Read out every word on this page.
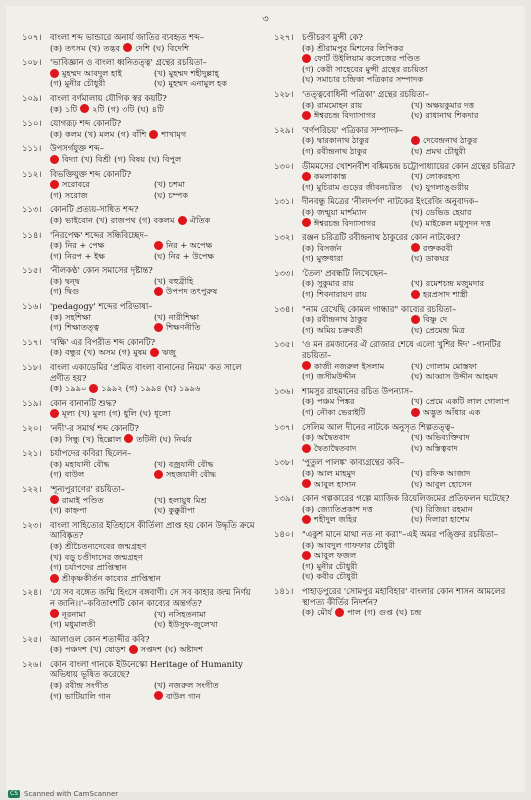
৩
১০৭।	বাংলা শব্দ ভান্ডারে অনার্য জাতির ব্যবহৃত শব্দ–
(ক) তৎসম (খ) তদ্ভব দেশি (ঘ) বিদেশি
১০৮।	'ভাবিজ্ঞান ও বাংলা ধ্বনিতত্ত্ব' গ্রন্থের রচয়িতা–
মুহম্মদ আবদুল হাই	(খ) মুহম্মদ শহীদুল্লাহ্
(গ) মুনীর চৌধুরী	(ঘ) মুহম্মদ এনামুল হক
১০৯।	বাংলা বর্ণমালায় যৌগিক স্বর কয়টি?
(ক) ১টি ২টি (গ) ৩টি (ঘ) ৪টি
১১০।	যোগরূঢ় শব্দ কোনটি?
(ক) কলম (খ) মলম (গ) বাঁশি শাখামৃগ
১১১।	উপসর্গযুক্ত শব্দ–
বিদ্যা (খ) বিশ্রী (গ) বিষয় (ঘ) বিপুল
১১২।	বিভক্তিযুক্ত শব্দ কোনটি?
সরোবরে	(খ) চশমা
(গ) সরোজ	(ঘ) চম্পক
১১৩।	কোনটি প্রত্যয়-সাধিত শব্দ?
(ক) ভাইবোন (খ) রাজপথ (গ) বকলম ঐতিক
১১৪।	'নিরপেক্ষ' শব্দের সন্ধিবিচ্ছেদ–
(ক) নির + পেক্ষ	নির + অপেক্ষ
(গ) নিরপ + ইক্ষ	(ঘ) নির + উপেক্ষ
১১৫।	'নীলকণ্ঠ' কোন সমাসের দৃষ্টান্ত?
(ক) দ্বন্দ্ব	(খ) বহুব্রীহি
(গ) দ্বিগু	উপপদ তৎপুরুষ
১১৬।	'pedagogy' শব্দের পরিভাষা–
(ক) সহশিক্ষা	(খ) নারীশিক্ষা
(গ) শিক্ষাতত্ত্ব	শিক্ষণনীতি
১১৭।	'বক্ষি' এর বিপরীত শব্দ কোনটি?
(ক) বন্ধুর (খ) অসম (গ) মুষম ঋজু
১১৮।	বাংলা একাডেমির 'প্রমিত বাংলা বানানের নিয়ম' কত সালে প্রণীত হয়?
(ক) ১৯৯০ ১৯৯২ (গ) ১৯৯৪ (ঘ) ১৯৯৬
১১৯।	কোন বানানটি শুদ্ধ?
মূল্য (খ) মুল্য (গ) ধুলি (ঘ) ধূলো
১২০।	'নদী'-র সমার্থ শব্দ কোনটি?
(ক) সিন্ধু (খ) হিল্লোল তটিনী (ঘ) নির্ঝর
১২১।	চর্যাপদের কবিরা ছিলেন–
(ক) মহাযানী বৌদ্ধ	(খ) বজ্রযানী বৌদ্ধ
(গ) বাউল	সহজযানী বৌদ্ধ
১২২।	'শূন্যপুরাণের' রচয়িতা–
রামাই পণ্ডিত	(খ) হলায়ুধ মিশ্র
(গ) কাহ্নপা	(ঘ) কুক্কুরীপা
১২৩।	বাংলা সাহিত্যের ইতিহাসে কীর্তিলা প্রাপ্ত হয় কোন উদ্ধৃতি ক্রমে আবিষ্কৃত?
(ক) শ্রীচৈতন্যদেবের জন্মগ্রহণ
(খ) বড়ু চণ্ডীদাসের জন্মগ্রহণ
(গ) চর্যাপদের প্রাপ্তিস্থান
শ্রীকৃষ্ণকীর্তন কাব্যের প্রাপ্তিস্থান
১২৪।	'যে সব বঙ্গেত জন্মি হিংসে বঙ্গবাণী। সে সব কাহার জন্ম নির্ণয় ন জানি।।'–কবিতাংশটি কোন কাব্যের অন্তর্গত?
নূরনামা	(খ) নসিহতনামা
(গ) মধুমালতী	(ঘ) ইউসুফ-জুলেখা
১২৫।	আলাওল কোন শতাব্দীর কবি?
(ক) পঞ্চদশ (খ) ষোড়শ সপ্তদশ (ঘ) অষ্টাদশ
১২৬।	কোন বাংলা গানকে ইউনেস্কো Heritage of Humanity অভিধায় ভূষিত করেছে?
(ক) রবীন্দ্র সংগীত	(খ) নজরুল সংগীত
(গ) ভাটিয়ালি গান	বাউল গান
১২৭।	চণ্ডীচরণ মুন্সী কে?
(ক) শ্রীরামপুর মিশনের লিপিকর
ফোর্ট উইলিয়াম কলেজের পণ্ডিত
(গ) কেরী সাহেবের মুন্সী গ্রন্থের রচয়িতা
(ঘ) সমাচার চন্দ্রিকা পত্রিকার সম্পাদক
১২৮।	'তত্ত্ববোধিনী পত্রিকা' গ্রন্থের রচয়িতা–
(ক) রামমোহন রায়	(খ) অক্ষয়কুমার দত্ত
ঈশ্বরচন্দ্র বিদ্যাসাগর	(ঘ) রাধানাথ শিকদার
১২৯।	'বর্ণপরিচয়' পত্রিকার সম্পাদক–
(ক) দ্বারকানাথ ঠাকুর	দেবেন্দ্রনাথ ঠাকুর
(গ) রবীন্দ্রনাথ ঠাকুর	(ঘ) প্রমথ চৌধুরী
১৩০।	ডীমমসের খোশনবীশ বঙ্কিমচন্দ্র চট্টোপাধ্যায়ের কোন গ্রন্থের চরিত্র?
কমলাকান্ত	(খ) লোকরহস্য
(গ) মুচিরাম গুড়ের জীবনচরিত (ঘ) যুগলাঙ্গুরীয়
১৩১।	দীনবন্ধু মিত্রের 'নীলদর্পণ' নাটকের ইংরেজি অনুবাদক–
(ক) জন্মুয়া মার্শম্যান	(খ) ডেভিড হেয়ার
ঈশ্বরচন্দ্র বিদ্যাসাগর	(ঘ) মাইকেল মধুসূদন দত্ত
১৩২।	রঞ্জন চরিত্রটি রবীন্দ্রনাথ ঠাকুরের কোন নাটকের?
(ক) বিসর্জন	রক্তকরবী
(গ) মুক্তধারা	(ঘ) ডাকঘর
১৩৩।	'তৈল' প্রবন্ধটি লিখেছেন–
(ক) সুকুমার রায়	(খ) রমেশচন্দ্র মজুমদার
(গ) শিবনারায়ণ রায়	হরপ্রসাদ শাস্ত্রী
১৩৪।	"নাম রেখেছি কোমল গান্ধার" কাব্যের রচয়িতা–
(ক) রবীন্দ্রনাথ ঠাকুর	বিষ্ণু দে
(গ) অমিয় চক্রবর্তী	(ঘ) প্রেমেন্দ্র মিত্র
১৩৫।	'ও মন রমজানের ঐ রোজার শেষে এলো খুশির ঈদ' –গানটির রচয়িতা–
কাজী নজরুল ইসলাম	(খ) গোলাম মোস্তফা
(গ) জসীমউদ্দীন	(ঘ) আব্বাস উদ্দীন আহমদ
১৩৬।	শামসুর রাহমানের রচিত উপন্যাস–
(ক) পঞ্চম পিঙ্কর	(খ) প্রেমে একটি লাল গোলাপ
(গ) নৌকা ভেরাইটি	অদ্ভুত আঁধার এক
১৩৭।	সেলিম আল দীনের নাটকে অনুসৃত শিল্পতত্ত্ব–
(ক) অদ্বৈতবাদ	(খ) অভিব্যক্তিবাদ
দ্বৈতাদ্বৈতবাদ	(ঘ) অস্তিত্ববাদ
১৩৮।	'পুতুল পালঙ্ক' কাব্যগ্রন্থের কবি–
(ক) আল মাহমুদ	(খ) রফিক আজাদ
আবুল হাসান	(ঘ) আবুল হোসেন
১৩৯।	কোন গল্পকারের গল্পে ম্যাজিক রিয়েলিজমের প্রতিফলন ঘটেছে?
(ক) জ্যোতিপ্রকাশ দত্ত	(খ) রিজিয়া রহমান
শহীদুল জহির	(ঘ) দিলারা হাশেম
১৪০।	"একুশ মানে মাথা নত না করা"–এই অমর পঙ্ক্তির রচয়িতা–
(ক) আবদুল গাফফার চৌধুরী
আবুল ফজল
(গ) মুনীর চৌধুরী
(ঘ) কবীর চৌধুরী
১৪১।	পাহাড়পুরের 'সোমপুর মহাবিহার' বাংলার কোন শাসন আমলের স্থাপত্য কীর্তির নিদর্শন?
(ক) মৌর্য পাল (গ) গুপ্ত (ঘ) চন্দ্র
CS Scanned with CamScanner
